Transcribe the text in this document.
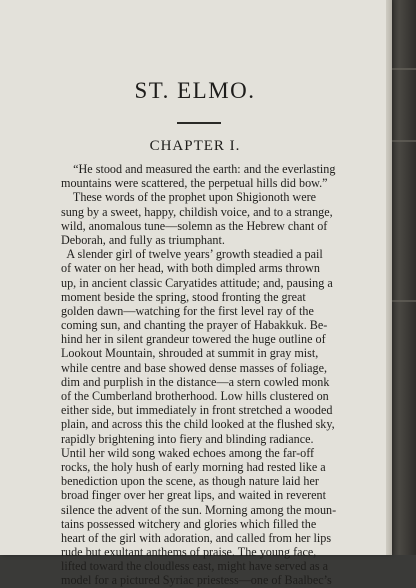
ST. ELMO.
CHAPTER I.
“He stood and measured the earth: and the everlasting
mountains were scattered, the perpetual hills did bow.”
These words of the prophet upon Shigionoth were
sung by a sweet, happy, childish voice, and to a strange,
wild, anomalous tune—solemn as the Hebrew chant of
Deborah, and fully as triumphant.
A slender girl of twelve years’ growth steadied a pail
of water on her head, with both dimpled arms thrown
up, in ancient classic Caryatides attitude; and, pausing a
moment beside the spring, stood fronting the great
golden dawn—watching for the first level ray of the
coming sun, and chanting the prayer of Habakkuk. Be-
hind her in silent grandeur towered the huge outline of
Lookout Mountain, shrouded at summit in gray mist,
while centre and base showed dense masses of foliage,
dim and purplish in the distance—a stern cowled monk
of the Cumberland brotherhood. Low hills clustered on
either side, but immediately in front stretched a wooded
plain, and across this the child looked at the flushed sky,
rapidly brightening into fiery and blinding radiance.
Until her wild song waked echoes among the far-off
rocks, the holy hush of early morning had rested like a
benediction upon the scene, as though nature laid her
broad finger over her great lips, and waited in reverent
silence the advent of the sun. Morning among the moun-
tains possessed witchery and glories which filled the
heart of the girl with adoration, and called from her lips
rude but exultant anthems of praise. The young face,
lifted toward the cloudless east, might have served as a
model for a pictured Syriac priestess—one of Baalbec’s
